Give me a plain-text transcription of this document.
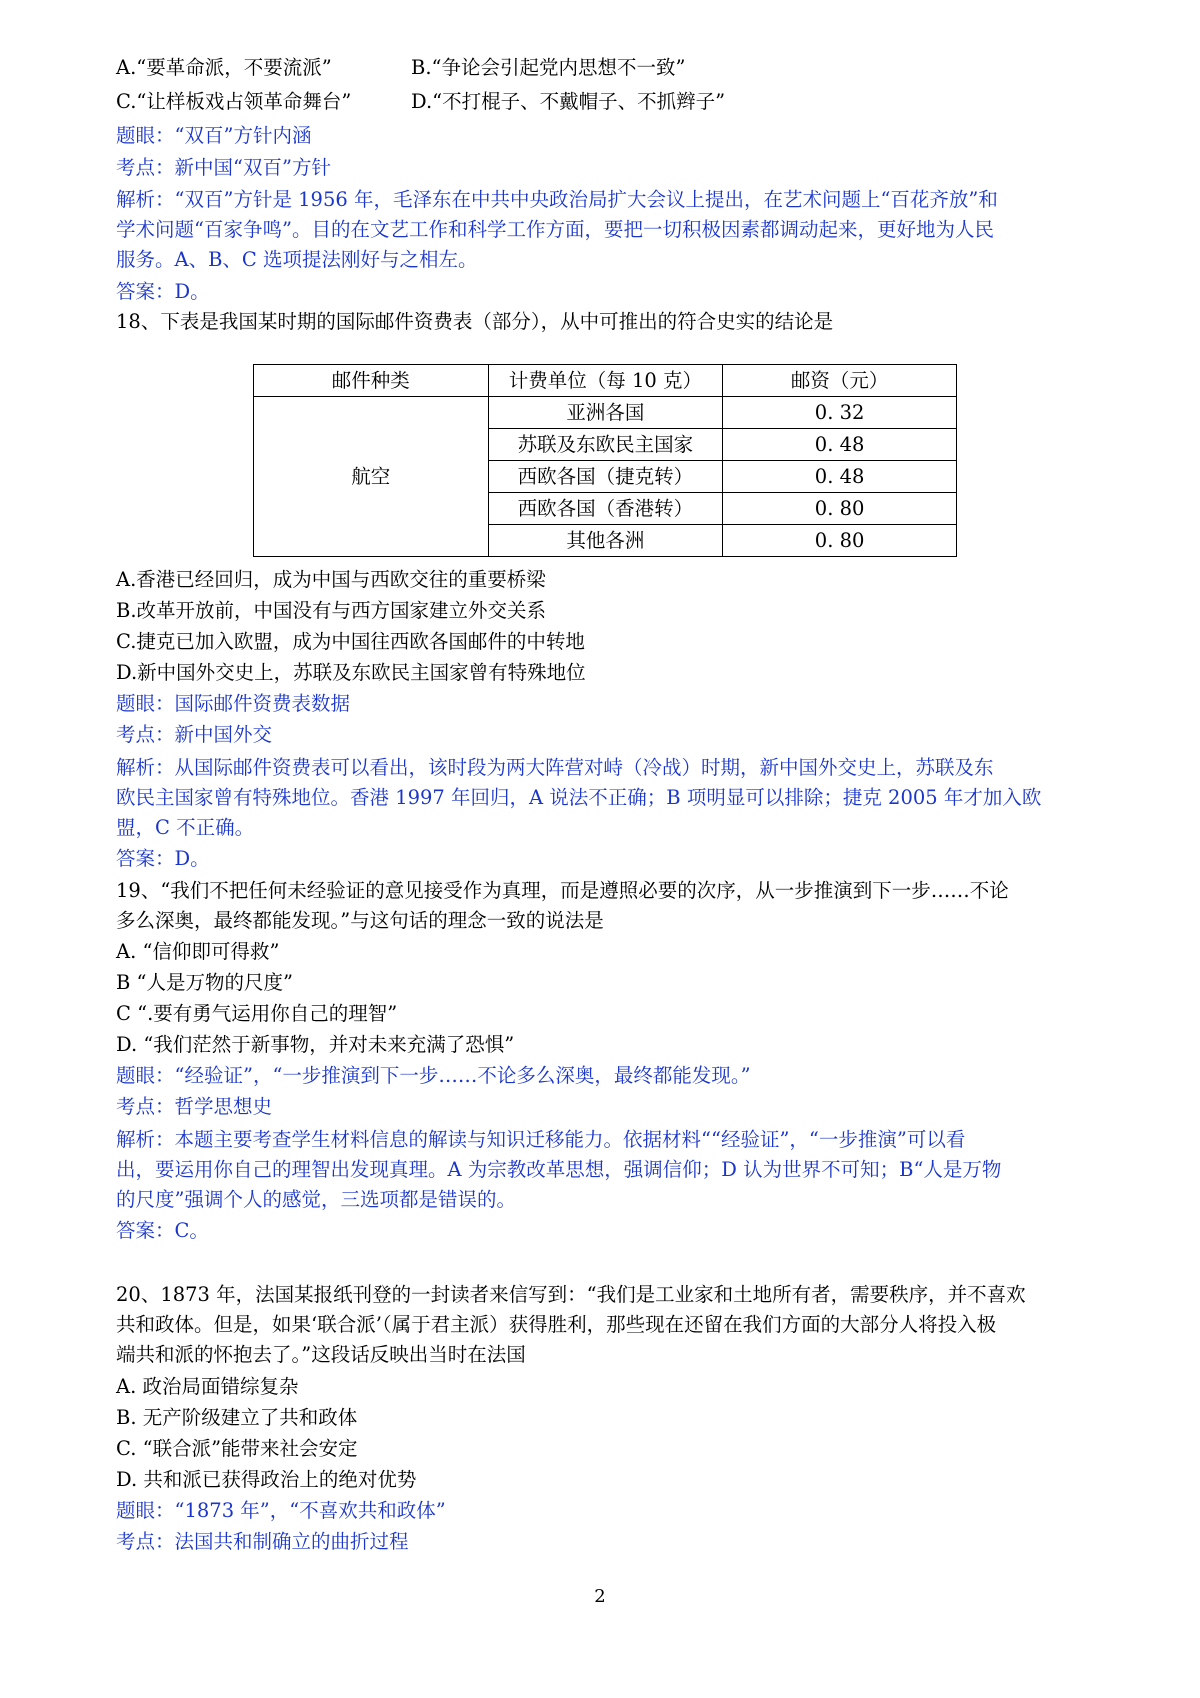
A.“要革命派，不要流派”	B.“争论会引起党内思想不一致”
C.“让样板戏占领革命舞台”	D.“不打棍子、不戴帽子、不抓辫子”
题眼：“双百”方针内涵
考点：新中国“双百”方针
解析：“双百”方针是 1956 年，毛泽东在中共中央政治局扩大会议上提出，在艺术问题上“百花齐放”和
学术问题“百家争鸣”。目的在文艺工作和科学工作方面，要把一切积极因素都调动起来，更好地为人民
服务。A、B、C 选项提法刚好与之相左。
答案：D。
18、下表是我国某时期的国际邮件资费表（部分），从中可推出的符合史实的结论是
邮件种类	计费单位（每 10 克）	邮资（元）
航空	亚洲各国	0. 32
	苏联及东欧民主国家	0. 48
	西欧各国（捷克转）	0. 48
	西欧各国（香港转）	0. 80
	其他各洲	0. 80
A.香港已经回归，成为中国与西欧交往的重要桥梁
B.改革开放前，中国没有与西方国家建立外交关系
C.捷克已加入欧盟，成为中国往西欧各国邮件的中转地
D.新中国外交史上，苏联及东欧民主国家曾有特殊地位
题眼：国际邮件资费表数据
考点：新中国外交
解析：从国际邮件资费表可以看出，该时段为两大阵营对峙（冷战）时期，新中国外交史上，苏联及东
欧民主国家曾有特殊地位。香港 1997 年回归，A 说法不正确；B 项明显可以排除；捷克 2005 年才加入欧
盟，C 不正确。
答案：D。
19、“我们不把任何未经验证的意见接受作为真理，而是遵照必要的次序，从一步推演到下一步……不论
多么深奥，最终都能发现。”与这句话的理念一致的说法是
A. “信仰即可得救”
B “人是万物的尺度”
C “.要有勇气运用你自己的理智”
D. “我们茫然于新事物，并对未来充满了恐惧”
题眼：“经验证”，“一步推演到下一步……不论多么深奥，最终都能发现。”
考点：哲学思想史
解析：本题主要考查学生材料信息的解读与知识迁移能力。依据材料““经验证”，“一步推演”可以看
出，要运用你自己的理智出发现真理。A 为宗教改革思想，强调信仰；D 认为世界不可知；B“人是万物
的尺度”强调个人的感觉，三选项都是错误的。
答案：C。
20、1873 年，法国某报纸刊登的一封读者来信写到：“我们是工业家和土地所有者，需要秩序，并不喜欢
共和政体。但是，如果‘联合派’（属于君主派）获得胜利，那些现在还留在我们方面的大部分人将投入极
端共和派的怀抱去了。”这段话反映出当时在法国
A. 政治局面错综复杂
B. 无产阶级建立了共和政体
C. “联合派”能带来社会安定
D. 共和派已获得政治上的绝对优势
题眼：“1873 年”，“不喜欢共和政体”
考点：法国共和制确立的曲折过程
2
